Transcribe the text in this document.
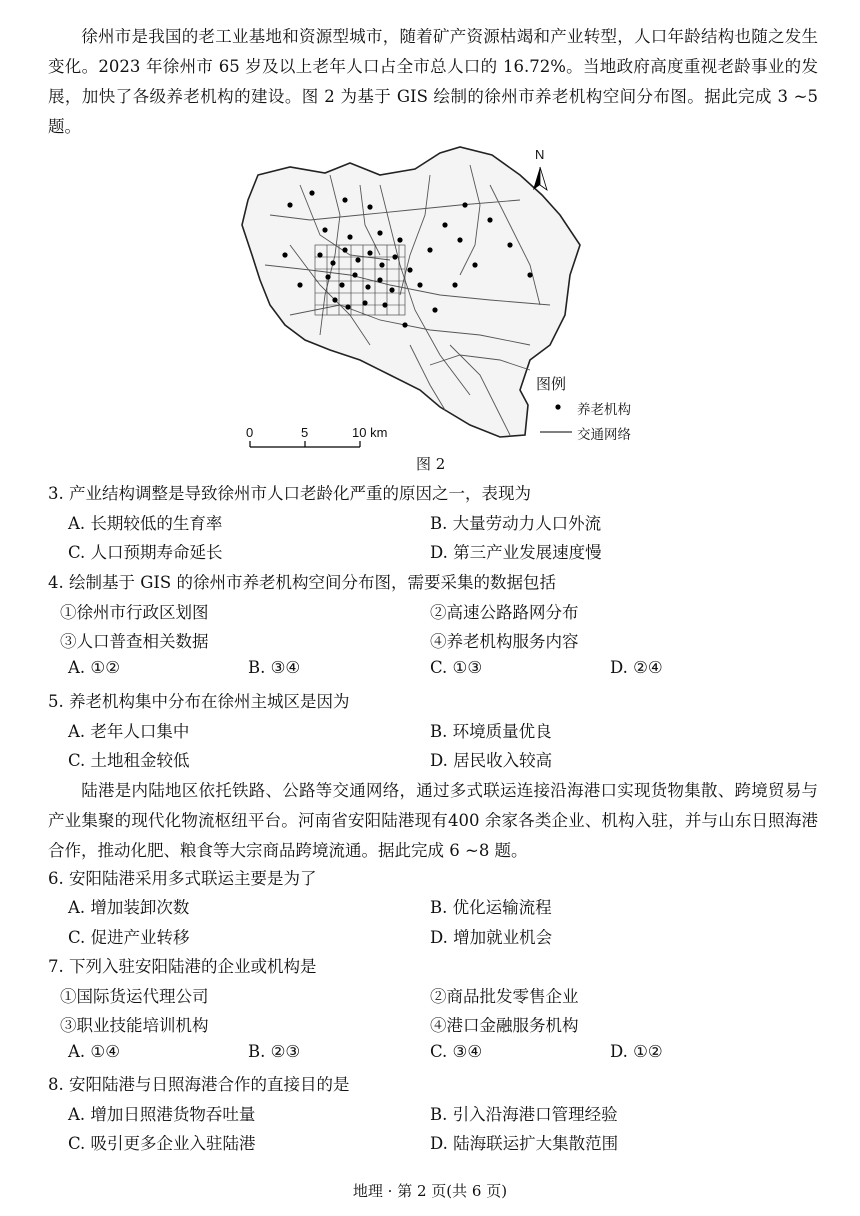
徐州市是我国的老工业基地和资源型城市，随着矿产资源枯竭和产业转型，人口年龄结构也随之发生变化。2023 年徐州市 65 岁及以上老年人口占全市总人口的 16.72%。当地政府高度重视老龄事业的发展，加快了各级养老机构的建设。图 2 为基于 GIS 绘制的徐州市养老机构空间分布图。据此完成 3 ~5 题。
N
图例
养老机构
交通网络
0	5	10 km
图 2
3. 产业结构调整是导致徐州市人口老龄化严重的原因之一，表现为
A. 长期较低的生育率	B. 大量劳动力人口外流
C. 人口预期寿命延长	D. 第三产业发展速度慢
4. 绘制基于 GIS 的徐州市养老机构空间分布图，需要采集的数据包括
①徐州市行政区划图	②高速公路路网分布
③人口普查相关数据	④养老机构服务内容
A. ①②	B. ③④	C. ①③	D. ②④
5. 养老机构集中分布在徐州主城区是因为
A. 老年人口集中	B. 环境质量优良
C. 土地租金较低	D. 居民收入较高
陆港是内陆地区依托铁路、公路等交通网络，通过多式联运连接沿海港口实现货物集散、跨境贸易与产业集聚的现代化物流枢纽平台。河南省安阳陆港现有400 余家各类企业、机构入驻，并与山东日照海港合作，推动化肥、粮食等大宗商品跨境流通。据此完成 6 ~8 题。
6. 安阳陆港采用多式联运主要是为了
A. 增加装卸次数	B. 优化运输流程
C. 促进产业转移	D. 增加就业机会
7. 下列入驻安阳陆港的企业或机构是
①国际货运代理公司	②商品批发零售企业
③职业技能培训机构	④港口金融服务机构
A. ①④	B. ②③	C. ③④	D. ①②
8. 安阳陆港与日照海港合作的直接目的是
A. 增加日照港货物吞吐量	B. 引入沿海港口管理经验
C. 吸引更多企业入驻陆港	D. 陆海联运扩大集散范围
地理 · 第 2 页(共 6 页)
